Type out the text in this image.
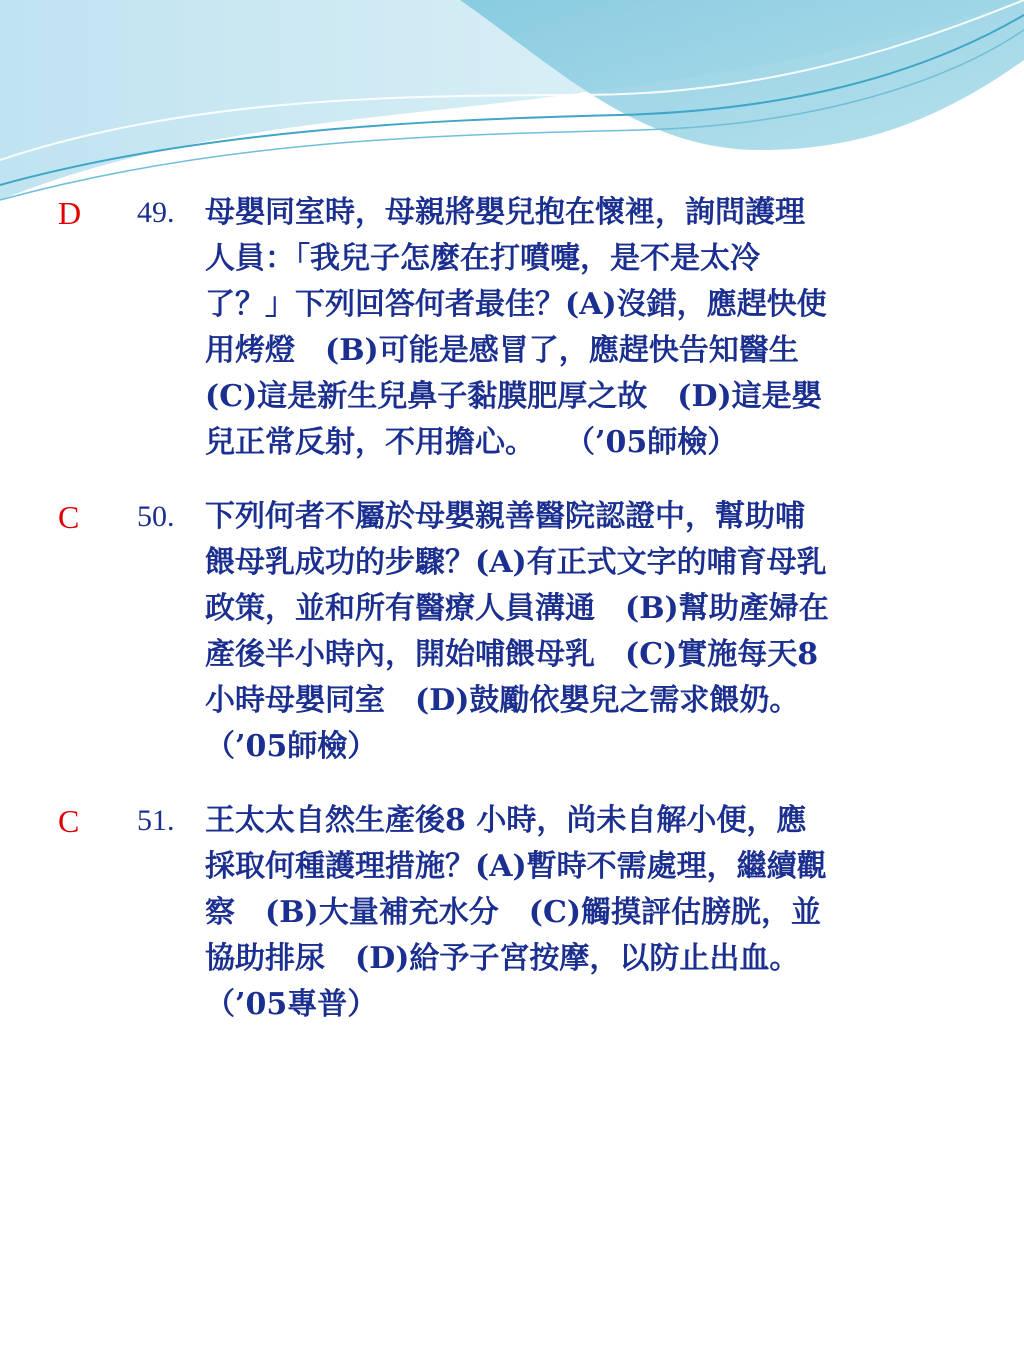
D 49.	母嬰同室時，母親將嬰兒抱在懷裡，詢問護理
人員：「我兒子怎麼在打噴嚏，是不是太冷
了？」下列回答何者最佳？(A)沒錯，應趕快使
用烤燈　(B)可能是感冒了，應趕快告知醫生
(C)這是新生兒鼻子黏膜肥厚之故　(D)這是嬰
兒正常反射，不用擔心。　　（’05師檢）
C 50.	下列何者不屬於母嬰親善醫院認證中，幫助哺
餵母乳成功的步驟？(A)有正式文字的哺育母乳
政策，並和所有醫療人員溝通　(B)幫助產婦在
產後半小時內，開始哺餵母乳　(C)實施每天8
小時母嬰同室　(D)鼓勵依嬰兒之需求餵奶。
（’05師檢）
C 51.	王太太自然生產後8 小時，尚未自解小便，應
採取何種護理措施？(A)暫時不需處理，繼續觀
察　(B)大量補充水分　(C)觸摸評估膀胱，並
協助排尿　(D)給予子宮按摩，以防止出血。
（’05專普）
